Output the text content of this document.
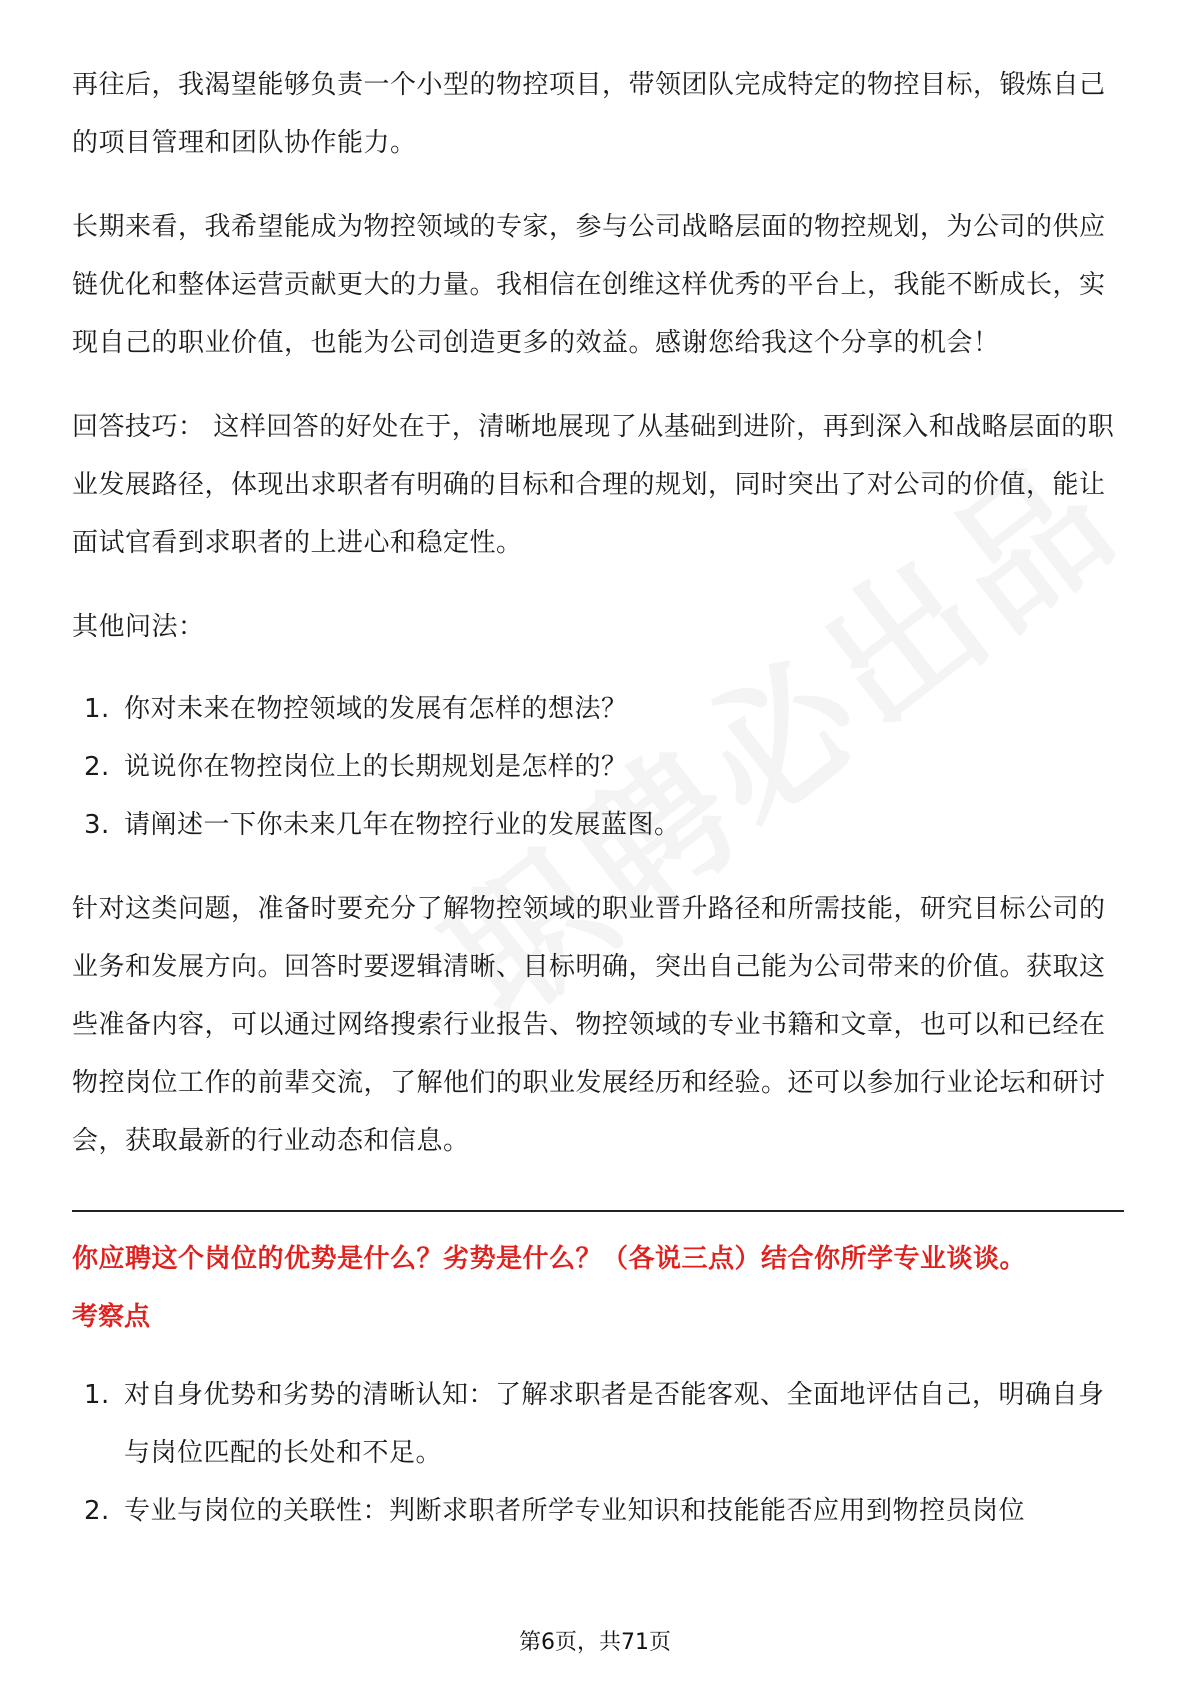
再往后，我渴望能够负责一个小型的物控项目，带领团队完成特定的物控目标，锻炼自己的项目管理和团队协作能力。

长期来看，我希望能成为物控领域的专家，参与公司战略层面的物控规划，为公司的供应链优化和整体运营贡献更大的力量。我相信在创维这样优秀的平台上，我能不断成长，实现自己的职业价值，也能为公司创造更多的效益。感谢您给我这个分享的机会！

回答技巧： 这样回答的好处在于，清晰地展现了从基础到进阶，再到深入和战略层面的职业发展路径，体现出求职者有明确的目标和合理的规划，同时突出了对公司的价值，能让面试官看到求职者的上进心和稳定性。

其他问法：

1. 你对未来在物控领域的发展有怎样的想法？
2. 说说你在物控岗位上的长期规划是怎样的？
3. 请阐述一下你未来几年在物控行业的发展蓝图。

针对这类问题，准备时要充分了解物控领域的职业晋升路径和所需技能，研究目标公司的业务和发展方向。回答时要逻辑清晰、目标明确，突出自己能为公司带来的价值。获取这些准备内容，可以通过网络搜索行业报告、物控领域的专业书籍和文章，也可以和已经在物控岗位工作的前辈交流，了解他们的职业发展经历和经验。还可以参加行业论坛和研讨会，获取最新的行业动态和信息。

你应聘这个岗位的优势是什么？劣势是什么？（各说三点）结合你所学专业谈谈。

考察点

1. 对自身优势和劣势的清晰认知：了解求职者是否能客观、全面地评估自己，明确自身与岗位匹配的长处和不足。
2. 专业与岗位的关联性：判断求职者所学专业知识和技能能否应用到物控员岗位
第6页，共71页
